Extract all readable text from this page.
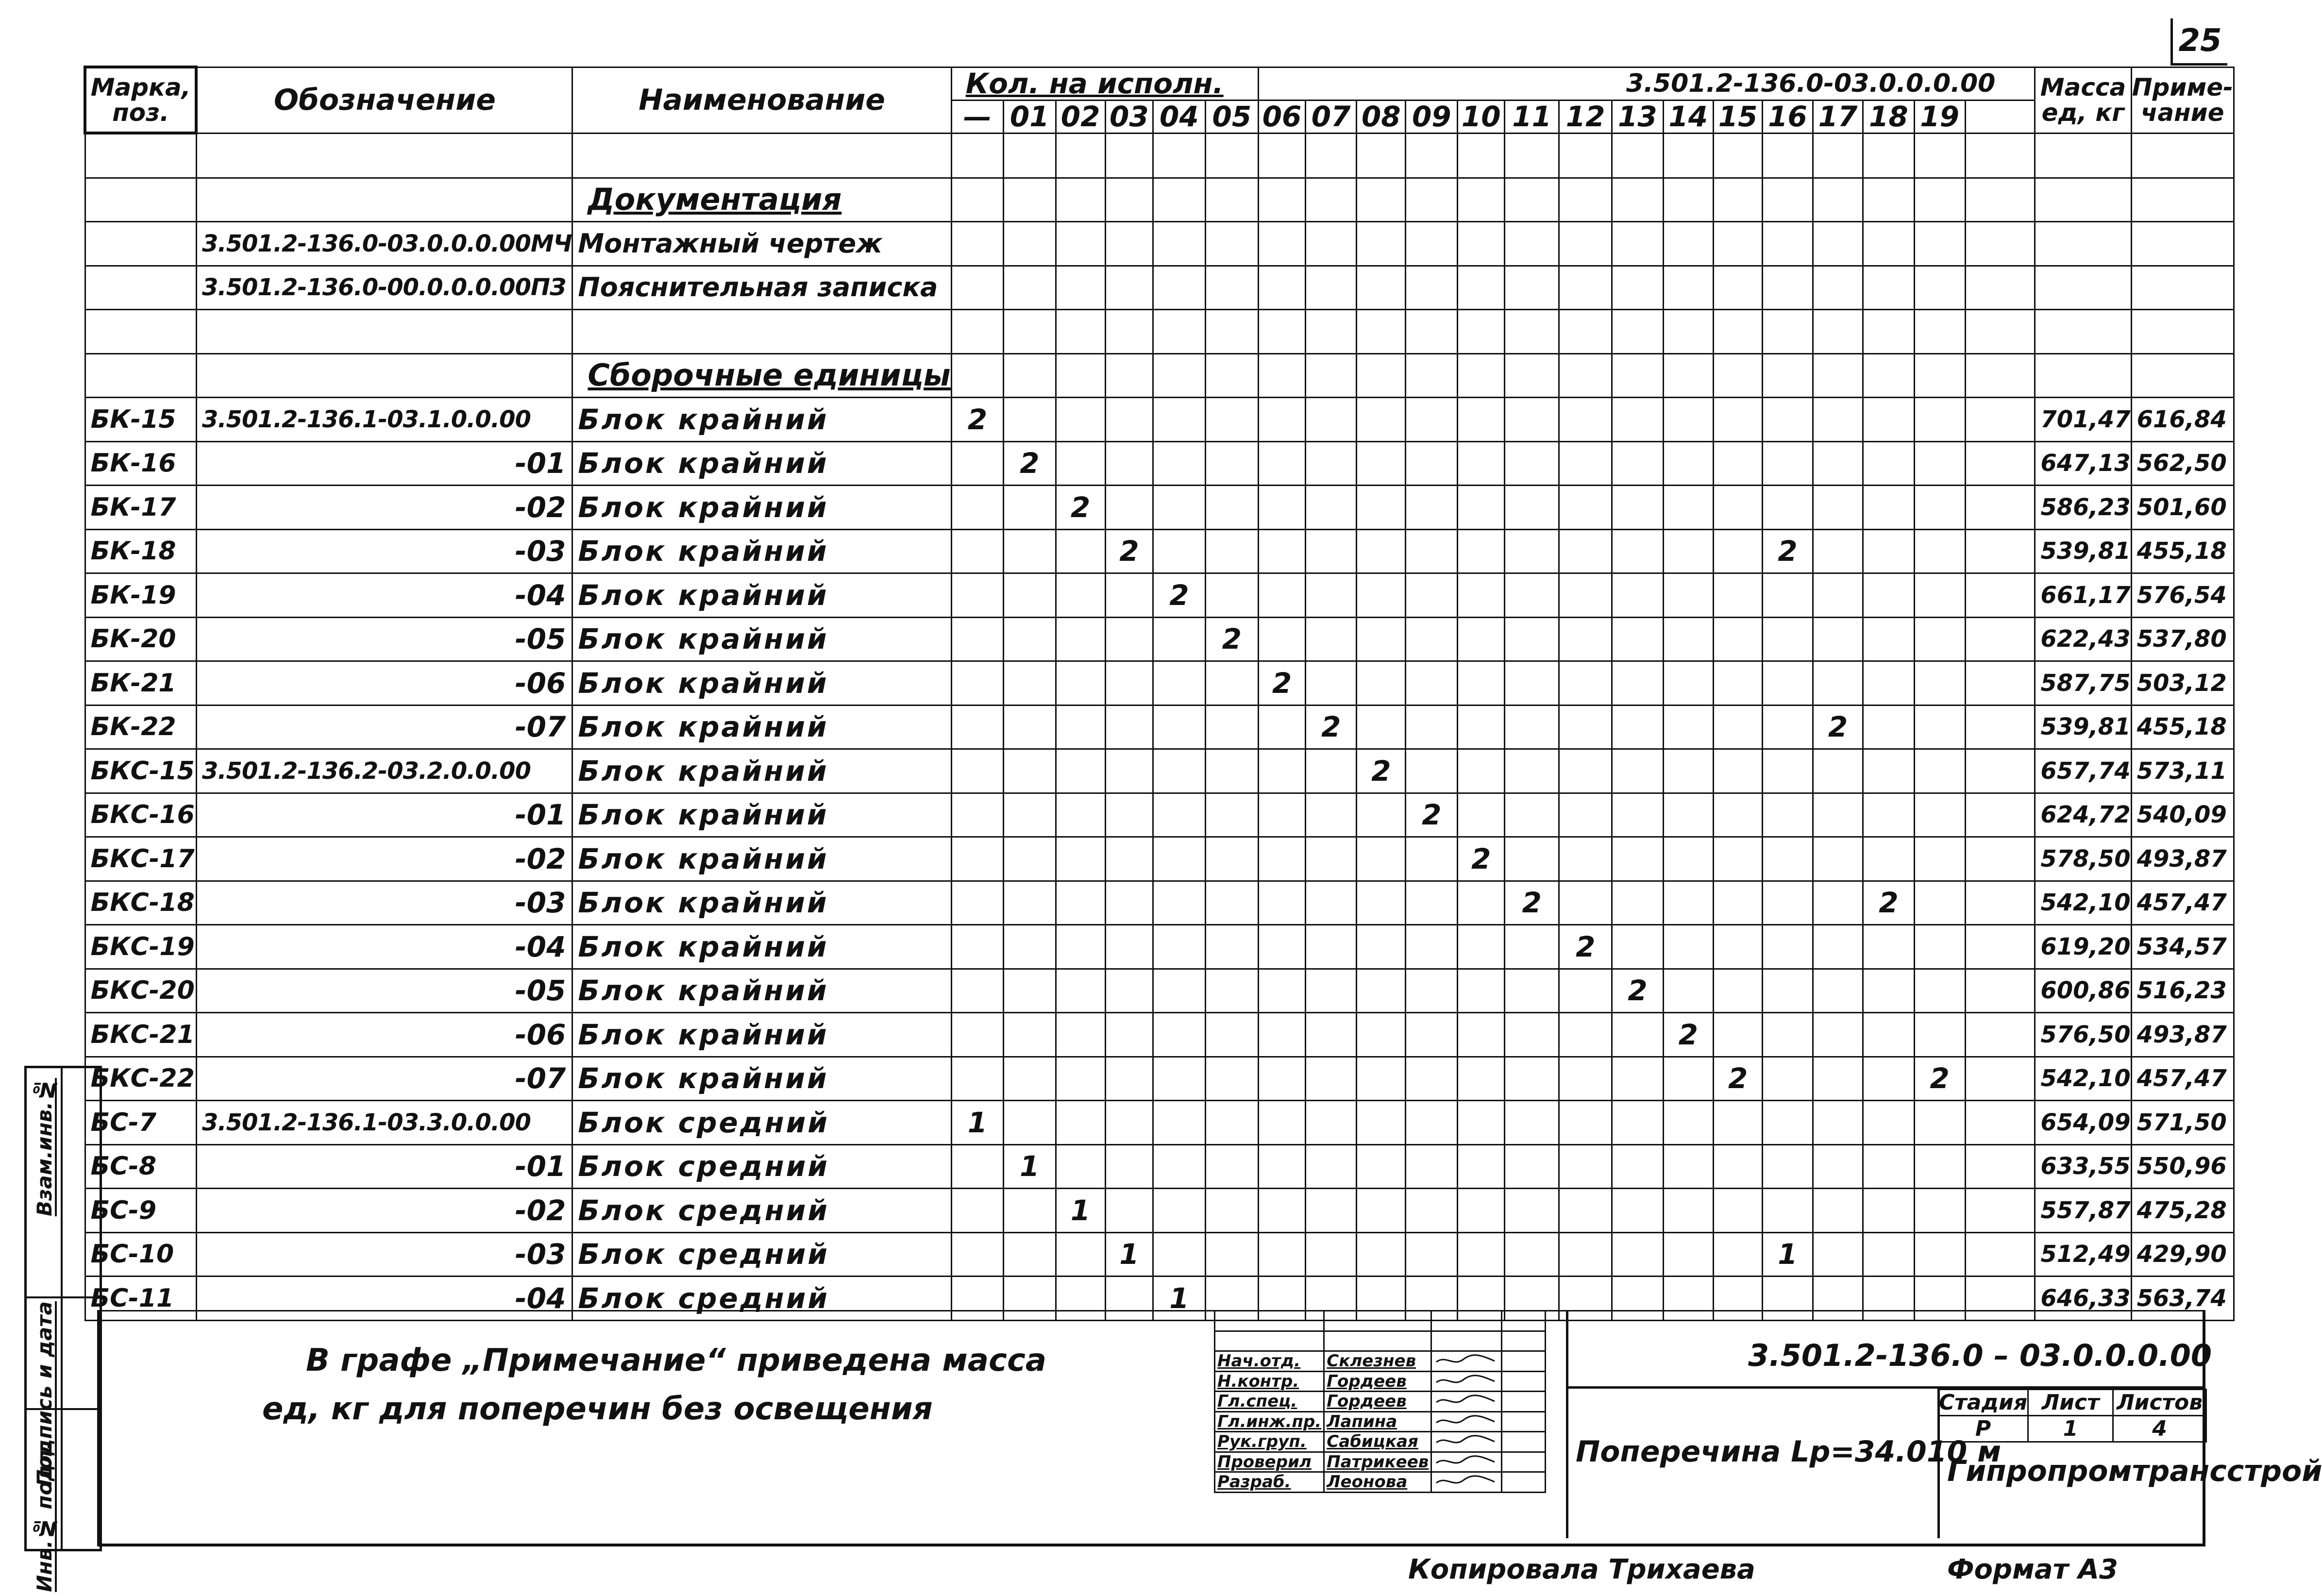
25
Марка, поз.	Обозначение	Наименование	Кол. на исполн.						3.501.2-136.0-03.0.0.0.00															Масса ед, кг	Приме- чание
			—	01	02	03	04	05	06	07	08	09	10	11	12	13	14	15	16	17	18	19			

		Документация																							
	3.501.2-136.0-03.0.0.0.00МЧ	Монтажный чертеж																							
	3.501.2-136.0-00.0.0.0.00ПЗ	Пояснительная записка																							

		Сборочные единицы																							
БК-15	3.501.2-136.1-03.1.0.0.00	Блок крайний	2																					701,47	616,84
БК-16	-01	Блок крайний		2																				647,13	562,50
БК-17	-02	Блок крайний			2																			586,23	501,60
БК-18	-03	Блок крайний				2													2					539,81	455,18
БК-19	-04	Блок крайний					2																	661,17	576,54
БК-20	-05	Блок крайний						2																622,43	537,80
БК-21	-06	Блок крайний							2															587,75	503,12
БК-22	-07	Блок крайний								2										2				539,81	455,18
БКС-15	3.501.2-136.2-03.2.0.0.00	Блок крайний									2													657,74	573,11
БКС-16	-01	Блок крайний										2												624,72	540,09
БКС-17	-02	Блок крайний											2											578,50	493,87
БКС-18	-03	Блок крайний												2							2			542,10	457,47
БКС-19	-04	Блок крайний													2									619,20	534,57
БКС-20	-05	Блок крайний														2								600,86	516,23
БКС-21	-06	Блок крайний															2							576,50	493,87
БКС-22	-07	Блок крайний																2				2		542,10	457,47
БС-7	3.501.2-136.1-03.3.0.0.00	Блок средний	1																					654,09	571,50
БС-8	-01	Блок средний		1																				633,55	550,96
БС-9	-02	Блок средний			1																			557,87	475,28
БС-10	-03	Блок средний				1													1					512,49	429,90
БС-11	-04	Блок средний					1																	646,33	563,74
Инв.№ подл.
Подпись и дата
Взам.инв.№
В графе „Примечание“ приведена масса
ед, кг для поперечин без освещения

Нач.отд.	Склезнев		
Н.контр.	Гордеев		
Гл.спец.	Гордеев		
Гл.инж.пр.	Лапина		
Рук.груп.	Сабицкая		
Проверил	Патрикеев		
Разраб.	Леонова		
3.501.2-136.0 – 03.0.0.0.00
Поперечина Lр=34.010 м
Стадия	Лист	Листов
Р	1	4
Гипропромтрансстрой
Копировала Трихаева	Формат А3
